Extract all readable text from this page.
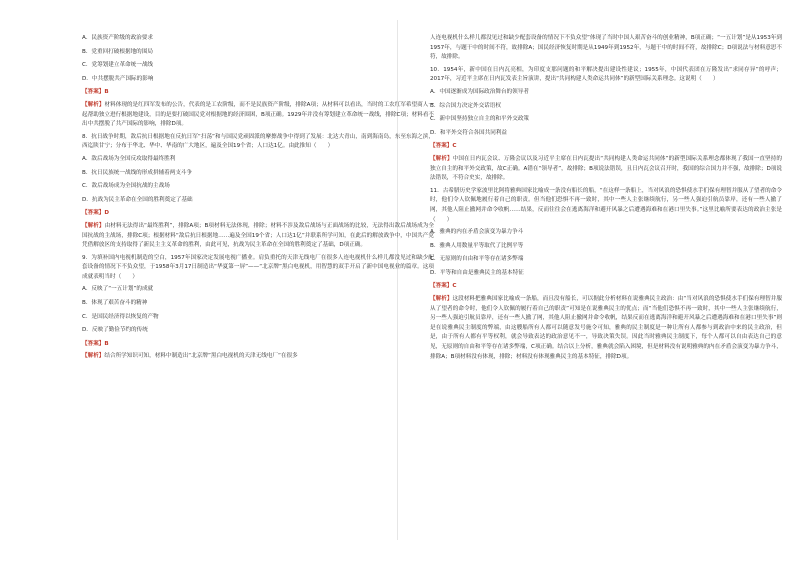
A．民族资产阶级的政治要求
B．党重回打破根据地的围局
C．党筹划建立革命统一战线
D．中共摆脱共产国际的影响
【答案】B
【解析】材料体现的是红四军发布的公告，代表的是工农阶级，而不是民族资产阶级，排除A项；从材料可以看出，当时的工农红军希望商人一起帮助独立进行根据地建设，目的是要打破国民党对根据地的经济围困，B项正确。1929年并没有筹划建立革命统一战线，排除C项；材料看不出中共摆脱了共产国际的影响，排除D项。
8．抗日战争时期，敌后抗日根据地在反抗日军“扫荡”和与国民党顽固派的摩擦战争中得到了发展：北达大青山，南到海南岛，东至东海之滨，西迄陕甘宁；分布于华北、华中、华南的广大地区，遍及全国19个省；人口达1亿。由此推知（　　）
A．敌后战场为全国反攻取得最终胜利
B．抗日民族统一战线的形成拼辅着两支斗争
C．敌后战场成为全国抗战的主战场
D．抗战为民主革命在全国的胜利奠定了基础
【答案】D
【解析】由材料无法得出“最终胜利”，排除A项；B项材料无法体现，排除；材料不涉及敌后战场与正面战场的比较，无法得出敌后战场成为全国抗战的主战场，排除C项；根据材料“敌后抗日根据地……遍及全国19个省；人口达1亿”并联系所学可知，在此后的解放战争中，中国共产党凭借解放区的支持取得了新民主主义革命的胜利，由此可见，抗战为民主革命在全国的胜利奠定了基础，D项正确。
9．为填补国内电视机制造的空白，1957年国家决定发展电视广播业。肩负重托的天津无线电厂在很多人连电视机什么样儿都没见过和缺少配套设备的情况下不负众望，于1958年3月17日制造出“华夏第一屏”——“北京牌”黑白电视机，用智慧的双手开启了新中国电视业的篇章。这项成就表明当时（　　）
A．反映了“一五计划”的成就
B．体现了艰苦奋斗的精神
C．是国民经济得以恢复的产物
D．反映了勤俭节约的传统
【答案】B
【解析】结合所学知识可知，材料中制造出“北京牌”黑白电视机的天津无线电厂“在很多
人连电视机什么样儿都没见过和缺少配套设备的情况下不负众望”体现了当时中国人艰苦奋斗的创业精神，B项正确；“一五计划”是从1953年到1957年，与题干中的时间不符，故排除A；国民经济恢复时期是从1949年到1952年，与题干中的时间不符，故排除C；D项说法与材料意思不符，故排除。
10．1954年，新中国在日内瓦亮相，为印度支那问题的和平解决提出建设性建议；1955年，中国代表团在万隆发出“求同存异”的呼声；2017年，习近平主席在日内瓦发表主旨演讲，提出“共同构建人类命运共同体”的新型国际关系理念。这说明（　　）
A．中国逐渐成为国际政治舞台的领导者
B．综合国力决定外交话语权
C．新中国坚持独立自主的和平外交政策
D．和平外交符合各国共同利益
【答案】C
【解析】中国在日内瓦会议、万隆会议以及习近平主席在日内瓦提出“共同构建人类命运共同体”的新型国际关系理念都体现了我国一直坚持的独立自主的和平外交政策，故C正确。A错在“领导者”，故排除；B项说法错误，且日内瓦会议召开时，我国的综合国力并不强，故排除；D项说法错误，不符合史实，故排除。
11．古希腊历史学家波里比阿将雅典国家比喻成一条没有船长的船，“在这样一条船上，当对风浪的恐惧使水手们保有理智并服从了望者的命令时，他们令人钦佩地履行着自己的职责。但当他们恐惧不再一致时，其中一些人主张继续航行，另一些人强迫引航员靠岸，还有一些人撤了网，其他人阻止撤网并命令收帆……结果，反而往往会在逃离海洋和避开风暴之后遭遇海难和在港口里失事。”这里比喻所要表达的政治主张是（　　）
A．雅典的内在矛盾会演变为暴力争斗
B．雅典人用数量平等取代了比例平等
C．无原则的自由和平等存在诸多弊端
D．平等和自由是雅典民主的基本特征
【答案】C
【解析】这段材料把雅典国家比喻成一条船，而且没有船长，可以据此分析材料在说雅典民主政治：由“当对风浪的恐惧使水手们保有理智并服从了望者的命令时，他们令人钦佩的履行着自己的职责”可知是在说雅典民主的优点；而“当他们恐惧不再一致时，其中一些人主张继续航行，另一些人强迫引航员靠岸，还有一些人撤了网，其他人阻止撤网并命令收帆，结果反而在逃离海洋和避开风暴之后遭遇海难和在港口里失事”则是在说雅典民主制度的弊端，由这艘船所有人都可以随意发号施令可知，雅典的民主制度是一种让所有人都参与到政治中来的民主政治，但是，由于所有人都有平等权利，就会导致表达的政治意见不一，导致决策失误。因此当时雅典民主制度下，每个人都可以自由表达自己的意见，无原则的自由和平等存在诸多弊端，C项正确。结合以上分析，雅典就会陷入困境，但是材料没有说明雅典的内在矛盾会演变为暴力争斗，排除A；B项材料没有体现，排除；材料没有体现雅典民主的基本特征，排除D项。
